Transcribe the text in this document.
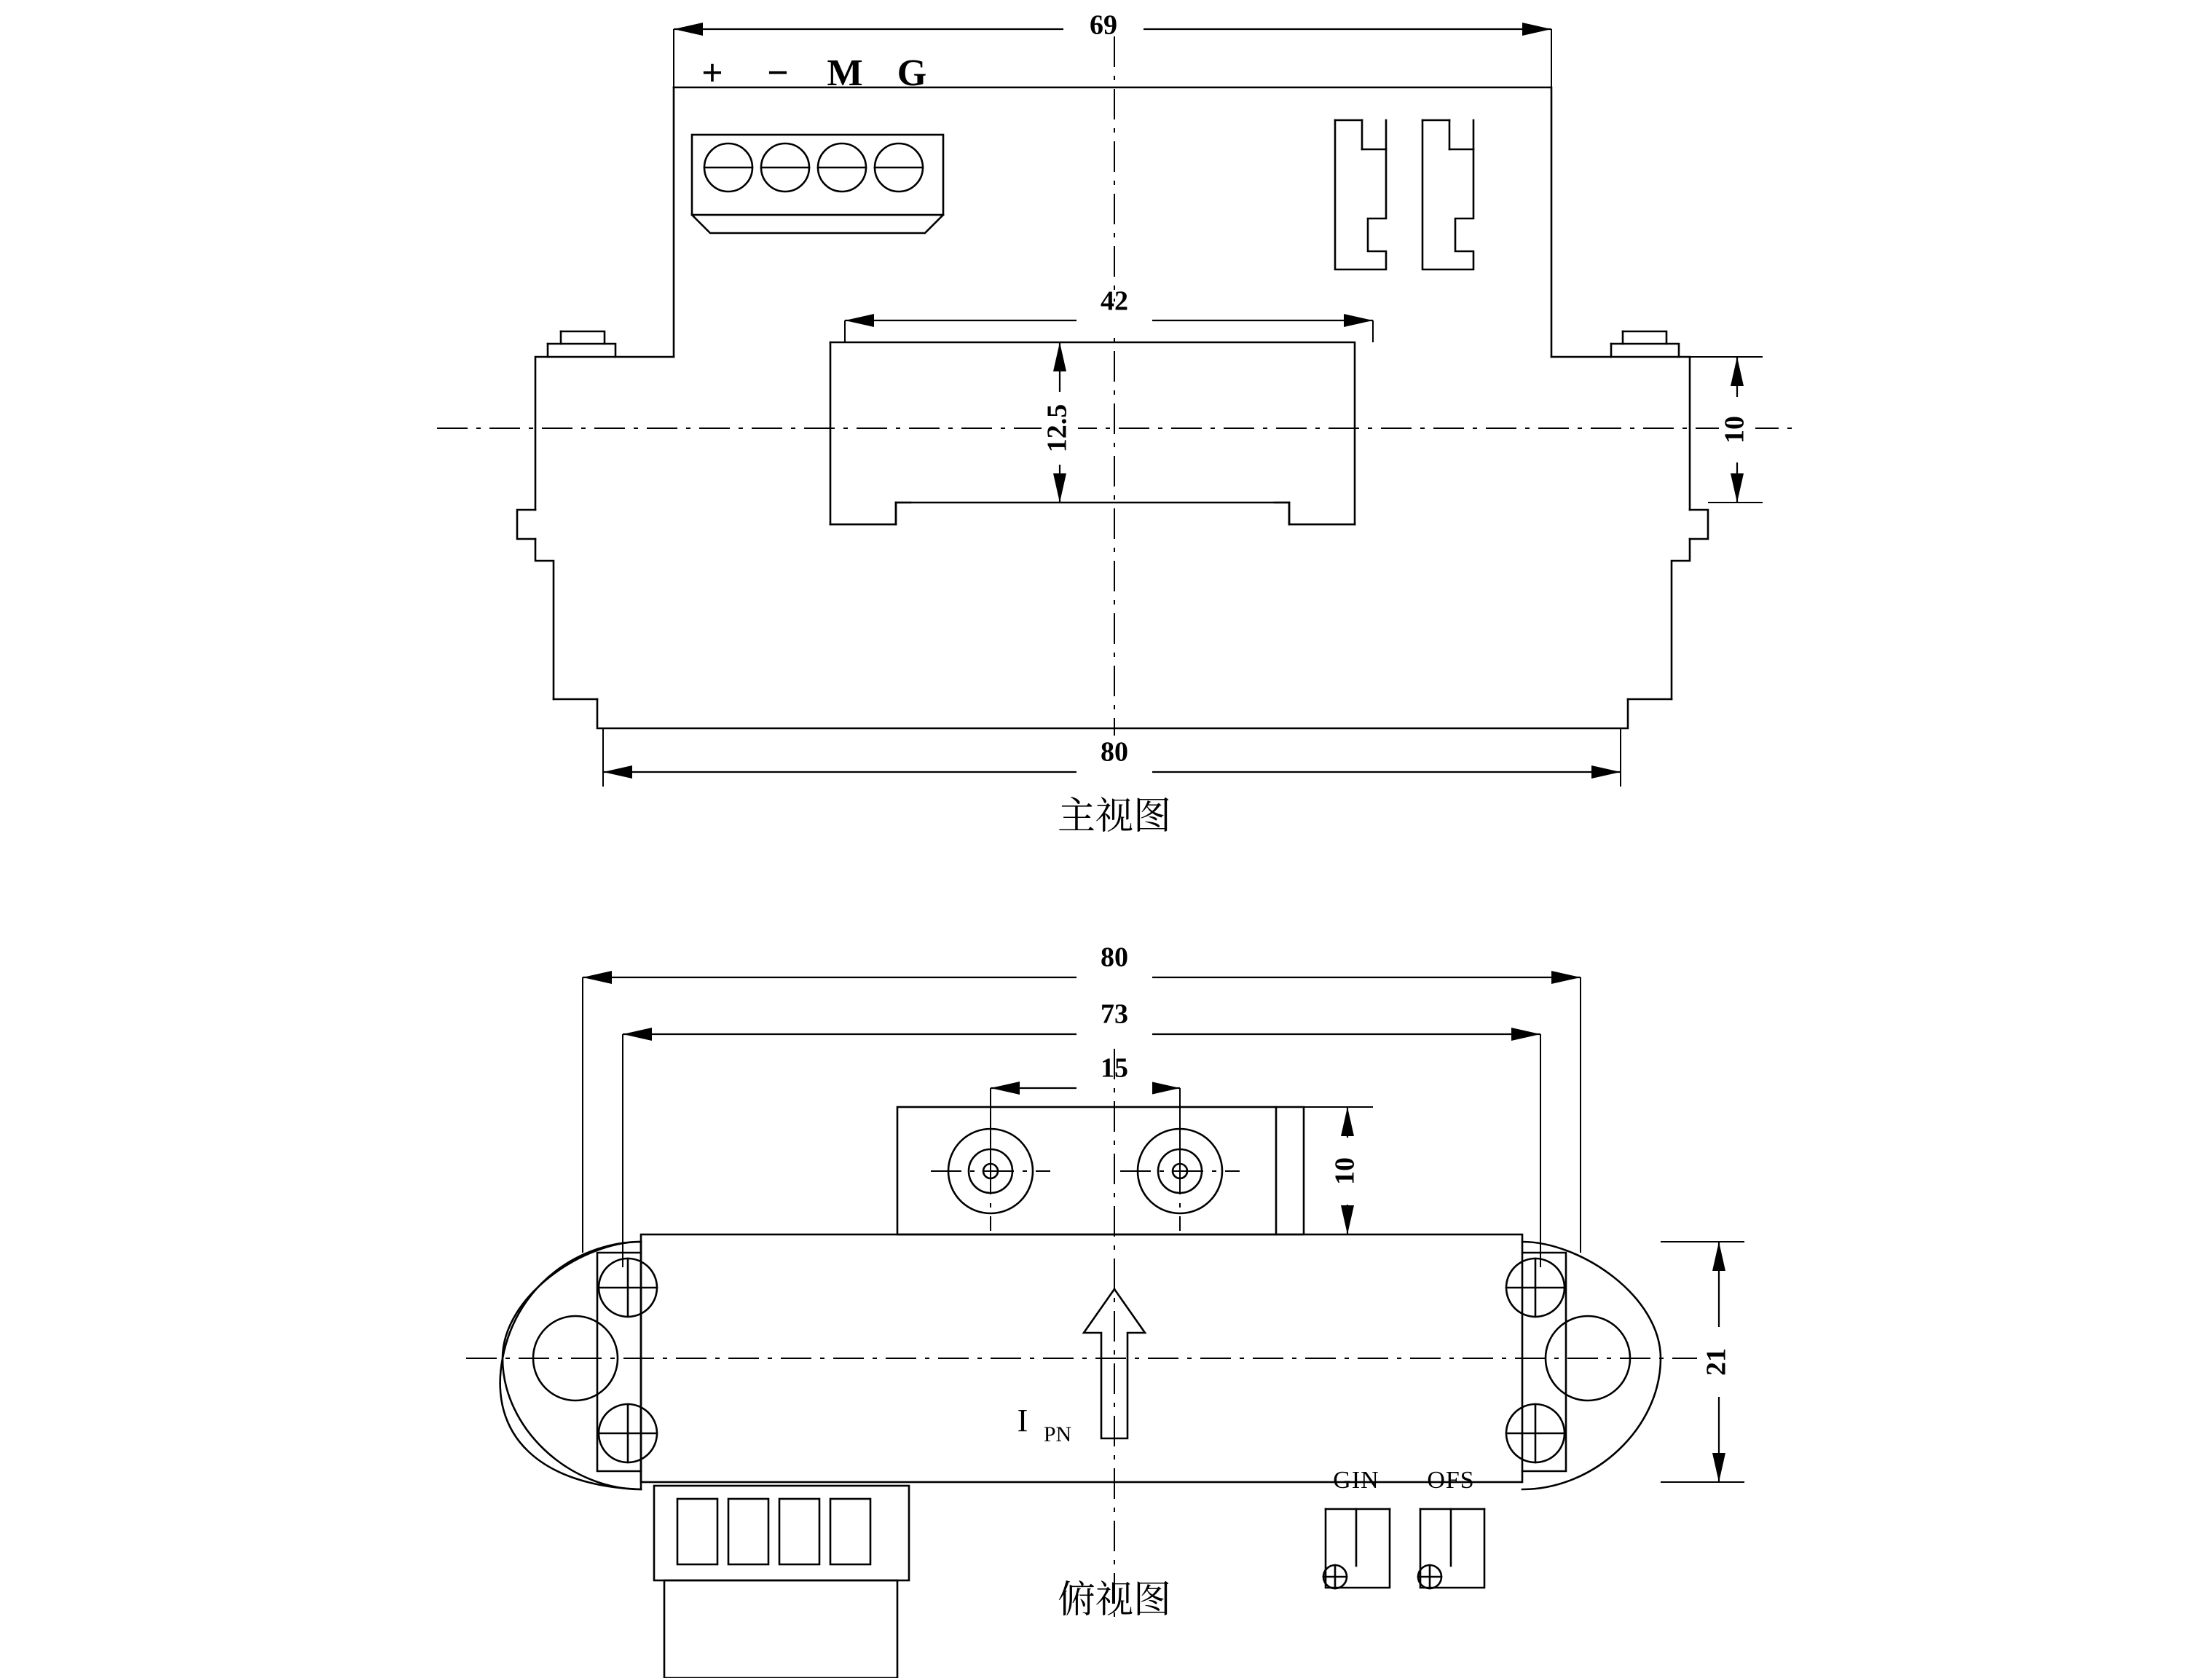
+ − M G
69
42
12.5	10
80
主视图
I PN
GIN OFS
80
73
15
10
21
俯视图
